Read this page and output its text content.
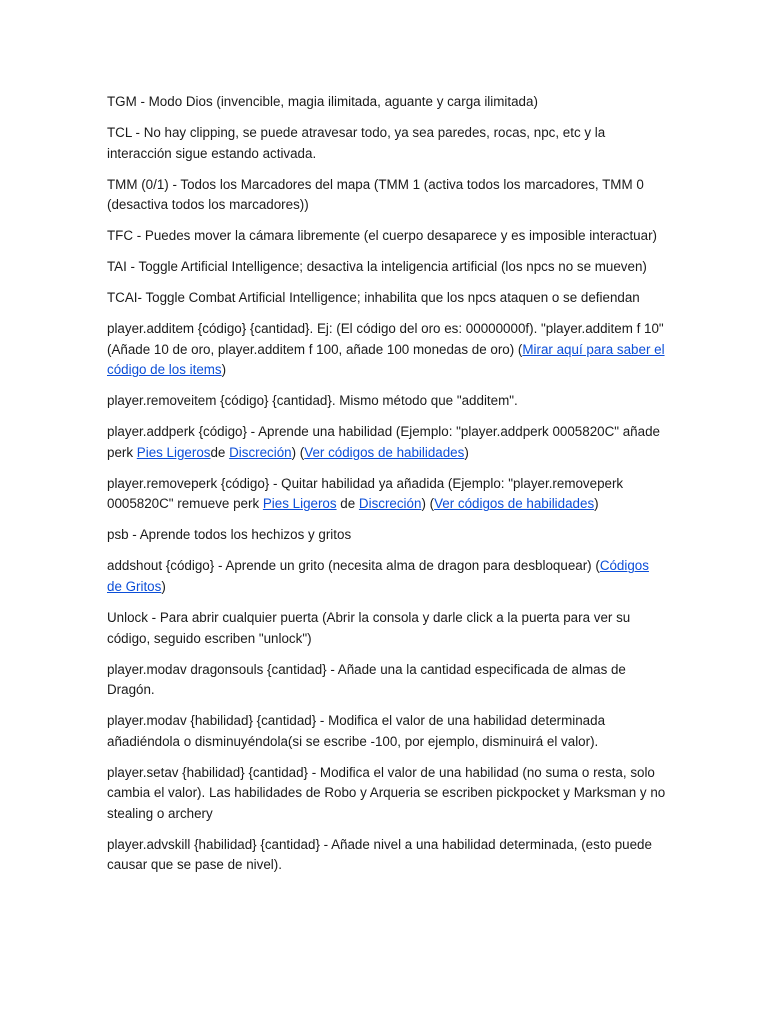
TGM - Modo Dios (invencible, magia ilimitada, aguante y carga ilimitada)

TCL - No hay clipping, se puede atravesar todo, ya sea paredes, rocas, npc, etc y la interacción sigue estando activada.

TMM (0/1) - Todos los Marcadores del mapa (TMM 1 (activa todos los marcadores, TMM 0 (desactiva todos los marcadores))

TFC - Puedes mover la cámara libremente (el cuerpo desaparece y es imposible interactuar)

TAI - Toggle Artificial Intelligence; desactiva la inteligencia artificial (los npcs no se mueven)

TCAI- Toggle Combat Artificial Intelligence; inhabilita que los npcs ataquen o se defiendan

player.additem {código} {cantidad}. Ej: (El código del oro es: 00000000f). "player.additem f 10" (Añade 10 de oro, player.additem f 100, añade 100 monedas de oro) (Mirar aquí para saber el código de los items)

player.removeitem {código} {cantidad}. Mismo método que "additem".

player.addperk {código} - Aprende una habilidad (Ejemplo: "player.addperk 0005820C" añade perk Pies Ligerosde Discreción) (Ver códigos de habilidades)

player.removeperk {código} - Quitar habilidad ya añadida (Ejemplo: "player.removeperk 0005820C" remueve perk Pies Ligeros de Discreción) (Ver códigos de habilidades)

psb - Aprende todos los hechizos y gritos

addshout {código} - Aprende un grito (necesita alma de dragon para desbloquear) (Códigos de Gritos)

Unlock - Para abrir cualquier puerta (Abrir la consola y darle click a la puerta para ver su código, seguido escriben "unlock")

player.modav dragonsouls {cantidad} - Añade una la cantidad especificada de almas de Dragón.

player.modav {habilidad} {cantidad} - Modifica el valor de una habilidad determinada añadiéndola o disminuyéndola(si se escribe -100, por ejemplo, disminuirá el valor).

player.setav {habilidad} {cantidad} - Modifica el valor de una habilidad (no suma o resta, solo cambia el valor). Las habilidades de Robo y Arqueria se escriben pickpocket y Marksman y no stealing o archery

player.advskill {habilidad} {cantidad} - Añade nivel a una habilidad determinada, (esto puede causar que se pase de nivel).
